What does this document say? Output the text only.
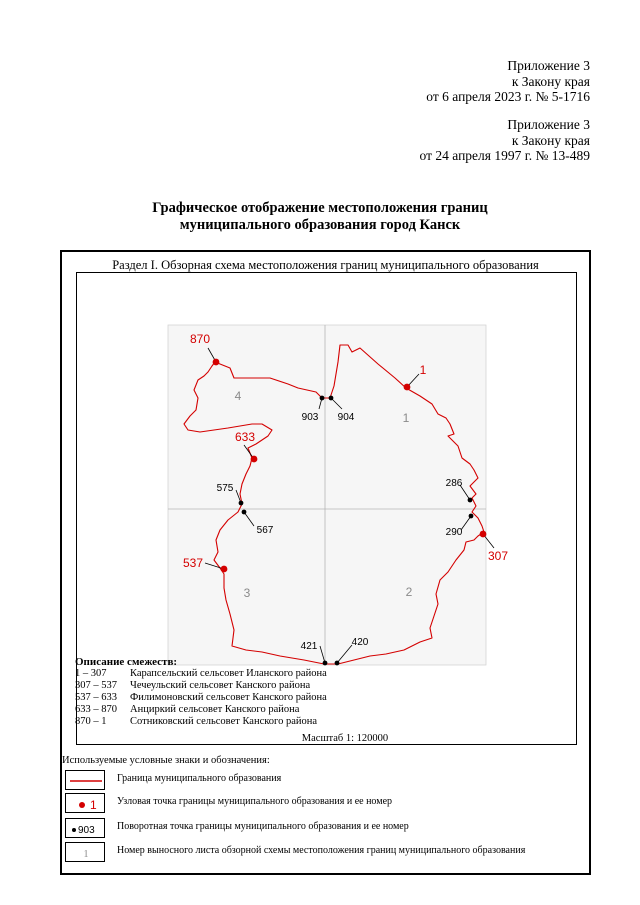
Приложение 3
к Закону края
от 6 апреля 2023 г. № 5-1716
Приложение 3
к Закону края
от 24 апреля 1997 г. № 13-489
Графическое отображение местоположения границ
муниципального образования город Канск
Раздел I. Обзорная схема местоположения границ муниципального образования
4
1
3	2
870
1
633
307
537
903 904
575
567
286
290
421	420
Описание смежеств:
1 – 307 Карапсельский сельсовет Иланского района
307 – 537 Чечеульский сельсовет Канского района
537 – 633 Филимоновский сельсовет Канского района
633 – 870 Анциркий сельсовет Канского района
870 – 1 Сотниковский сельсовет Канского района
Масштаб 1: 120000
Используемые условные знаки и обозначения:
Граница муниципального образования
1 Узловая точка границы муниципального образования и ее номер
903 Поворотная точка границы муниципального образования и ее номер
1	Номер выносного листа обзорной схемы местоположения границ муниципального образования
